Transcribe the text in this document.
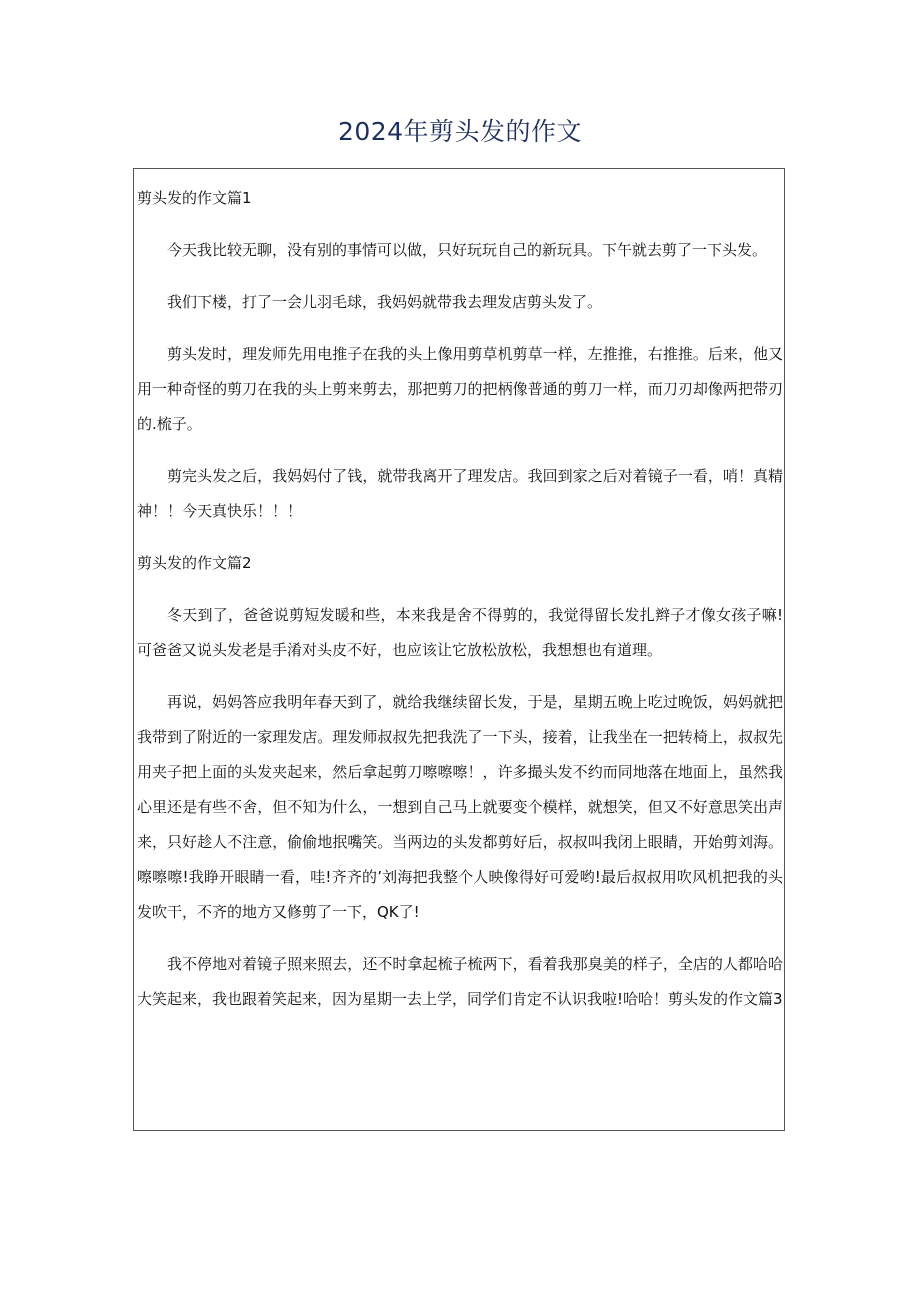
2024年剪头发的作文

剪头发的作文篇1

今天我比较无聊，没有别的事情可以做，只好玩玩自己的新玩具。下午就去剪了一下头发。

我们下楼，打了一会儿羽毛球，我妈妈就带我去理发店剪头发了。

剪头发时，理发师先用电推子在我的头上像用剪草机剪草一样，左推推，右推推。后来，他又用一种奇怪的剪刀在我的头上剪来剪去，那把剪刀的把柄像普通的剪刀一样，而刀刃却像两把带刃的.梳子。

剪完头发之后，我妈妈付了钱，就带我离开了理发店。我回到家之后对着镜子一看，哨！真精神！！今天真快乐！！！

剪头发的作文篇2

冬天到了，爸爸说剪短发暖和些，本来我是舍不得剪的，我觉得留长发扎辫子才像女孩子嘛!可爸爸又说头发老是手淆对头皮不好，也应该让它放松放松，我想想也有道理。

再说，妈妈答应我明年春天到了，就给我继续留长发，于是，星期五晚上吃过晚饭，妈妈就把我带到了附近的一家理发店。理发师叔叔先把我洗了一下头，接着，让我坐在一把转椅上，叔叔先用夹子把上面的头发夹起来，然后拿起剪刀嚓嚓嚓！，许多撮头发不约而同地落在地面上，虽然我心里还是有些不舍，但不知为什么，一想到自己马上就要变个模样，就想笑，但又不好意思笑出声来，只好趁人不注意，偷偷地抿嘴笑。当两边的头发都剪好后，叔叔叫我闭上眼睛，开始剪刘海。嚓嚓嚓!我睁开眼睛一看，哇!齐齐的’刘海把我整个人映像得好可爱哟!最后叔叔用吹风机把我的头发吹干，不齐的地方又修剪了一下，QK了!

我不停地对着镜子照来照去，还不时拿起梳子梳两下，看着我那臭美的样子，全店的人都哈哈大笑起来，我也跟着笑起来，因为星期一去上学，同学们肯定不认识我啦!哈哈！剪头发的作文篇3
